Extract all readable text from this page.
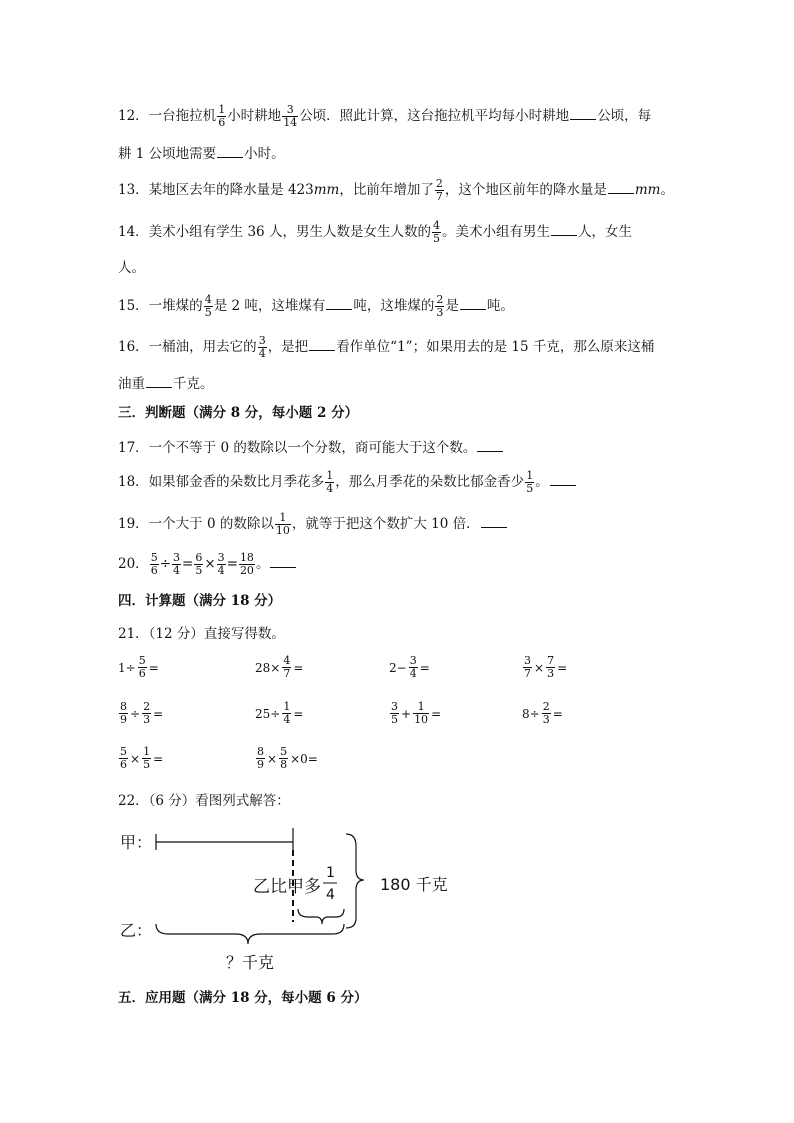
12．一台拖拉机 $\frac{1}{6}$ 小时耕地 $\frac{3}{14}$ 公顷．照此计算，这台拖拉机平均每小时耕地 公顷，每
耕 1 公顷地需要 小时。
13．某地区去年的降水量是 423mm，比前年增加了 $\frac{2}{7}$ ，这个地区前年的降水量是 mm。
14．美术小组有学生 36 人，男生人数是女生人数的 $\frac{4}{5}$ 。美术小组有男生 人，女生
人。
15．一堆煤的 $\frac{4}{5}$ 是 2 吨，这堆煤有 吨，这堆煤的 $\frac{2}{3}$ 是 吨。
16．一桶油，用去它的 $\frac{3}{4}$ ，是把 看作单位“1”；如果用去的是 15 千克，那么原来这桶
油重 千克。
三．判断题（满分 8 分，每小题 2 分）
17．一个不等于 0 的数除以一个分数，商可能大于这个数。
18．如果郁金香的朵数比月季花多 $\frac{1}{4}$ ，那么月季花的朵数比郁金香少 $\frac{1}{5}$ 。
19．一个大于 0 的数除以 $\frac{1}{10}$ ，就等于把这个数扩大 10 倍．
20． $\frac{5}{6} \div \frac{3}{4} = \frac{6}{5} \times \frac{3}{4} = \frac{18}{20}$ 。
四．计算题（满分 18 分）
21．（12 分）直接写得数。
$1\div \frac{5}{6}$ =	$28\times \frac{4}{7}$ =	$2- \frac{3}{4}$ =	$\frac{3}{7} \times \frac{7}{3}$ =
$\frac{8}{9} \div \frac{2}{3}$ =	$25\div \frac{1}{4}$ =	$\frac{3}{5} + \frac{1}{10}$ =	$8\div \frac{2}{3}$ =
$\frac{5}{6} \times \frac{1}{5}$ =	$\frac{8}{9} \times \frac{5}{8} \times 0=$
22．（6 分）看图列式解答：
甲：
乙比甲多
1
4
乙：
180 千克
？千克
五．应用题（满分 18 分，每小题 6 分）
